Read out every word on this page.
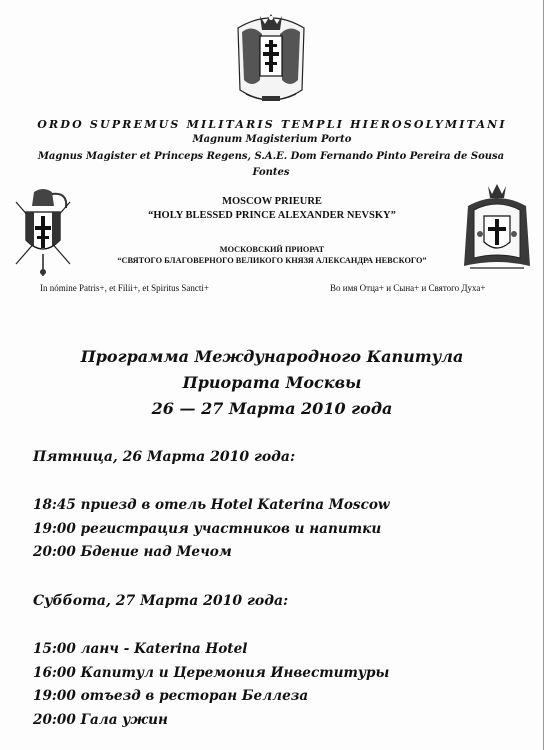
ORDO SUPREMUS MILITARIS TEMPLI HIEROSOLYMITANI
Magnum Magisterium Porto
Magnus Magister et Princeps Regens, S.A.E. Dom Fernando Pinto Pereira de Sousa
Fontes
MOSCOW PRIEURE
“HOLY BLESSED PRINCE ALEXANDER NEVSKY”
МОСКОВСКИЙ ПРИОРАТ
“СВЯТОГО БЛАГОВЕРНОГО ВЕЛИКОГО КНЯЗЯ АЛЕКСАНДРА НЕВСКОГО”
In nómine Patris+, et Filii+, et Spiritus Sancti+	Во имя Отца+ и Сына+ и Святого Духа+
Программа Международного Капитула
Приората Москвы
26 — 27 Марта 2010 года
Пятница, 26 Марта 2010 года:
18:45 приезд в отель Hotel Katerina Moscow
19:00 регистрация участников и напитки
20:00 Бдение над Мечом
Суббота, 27 Марта 2010 года:
15:00 ланч - Katerina Hotel
16:00 Капитул и Церемония Инвеституры
19:00 отъезд в ресторан Беллеза
20:00 Гала ужин
